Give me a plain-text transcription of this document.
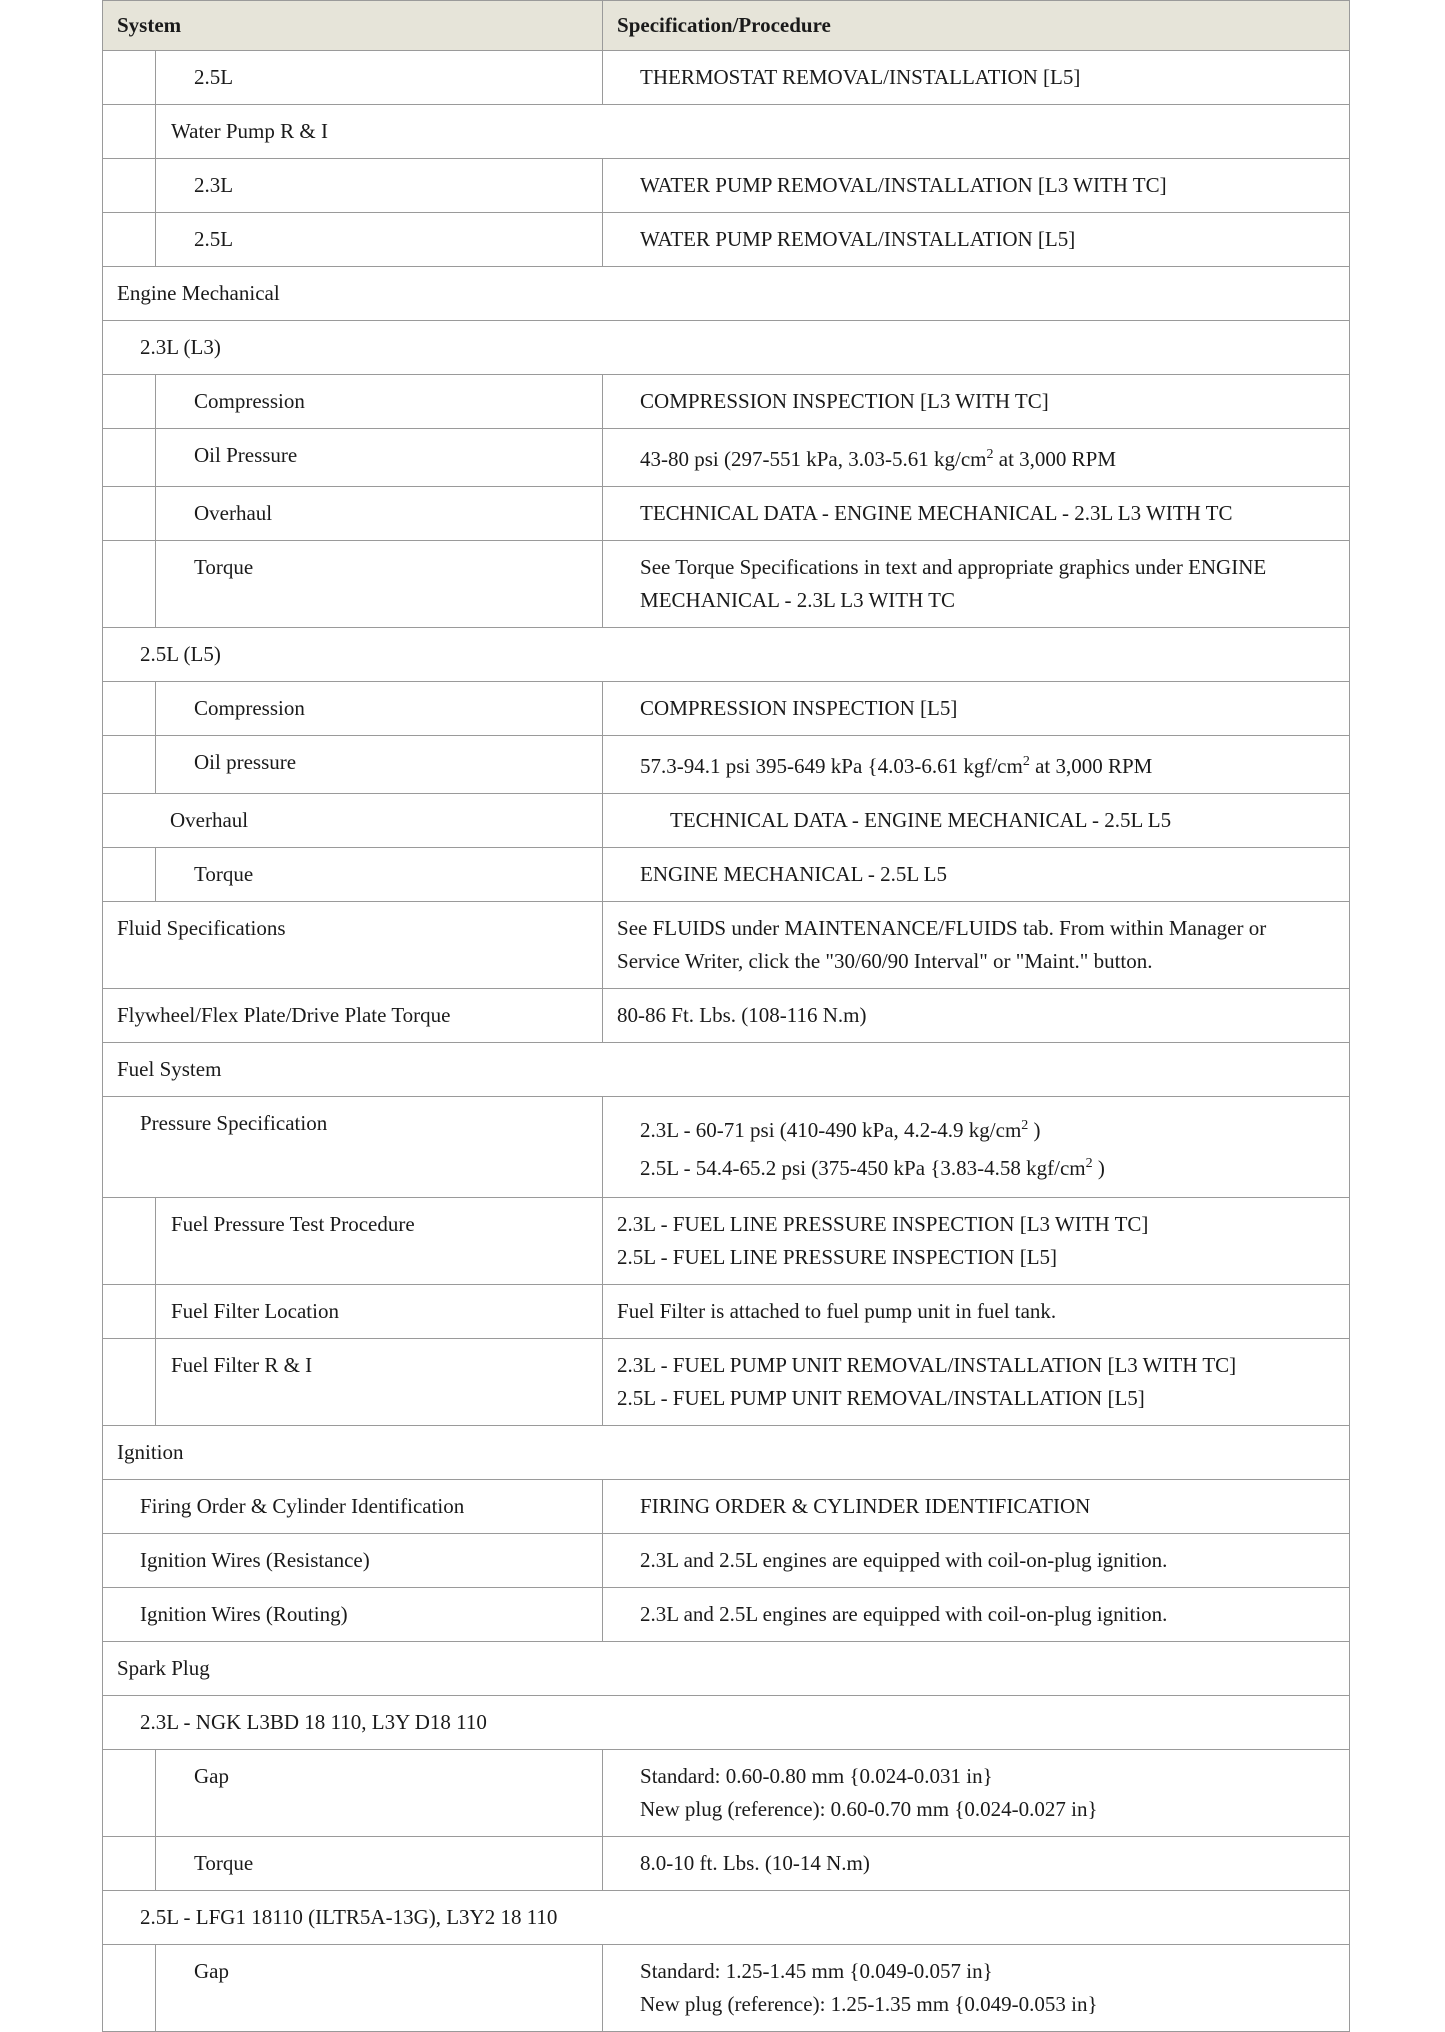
System		Specification/Procedure

	2.5L	THERMOSTAT REMOVAL/INSTALLATION [L5]

	Water Pump R & I	

	2.3L	WATER PUMP REMOVAL/INSTALLATION [L3 WITH TC]

	2.5L	WATER PUMP REMOVAL/INSTALLATION [L5]

Engine Mechanical		

2.3L (L3)		

	Compression	COMPRESSION INSPECTION [L3 WITH TC]

	Oil Pressure	43-80 psi (297-551 kPa, 3.03-5.61 $kg/cm^2$ at 3,000 RPM

	Overhaul	TECHNICAL DATA - ENGINE MECHANICAL - 2.3L L3 WITH TC

	Torque	See Torque Specifications in text and appropriate graphics under ENGINE
MECHANICAL - 2.3L L3 WITH TC

2.5L (L5)		

	Compression	COMPRESSION INSPECTION [L5]

	Oil pressure	57.3-94.1 psi 395-649 kPa {4.03-6.61 kgf/$cm^2$ at 3,000 RPM

Overhaul		TECHNICAL DATA - ENGINE MECHANICAL - 2.5L L5

	Torque	ENGINE MECHANICAL - 2.5L L5

Fluid Specifications		See FLUIDS under MAINTENANCE/FLUIDS tab. From within Manager or
Service Writer, click the "30/60/90 Interval" or "Maint." button.

Flywheel/Flex Plate/Drive Plate Torque		80-86 Ft. Lbs. (108-116 N.m)

Fuel System		

Pressure Specification		2.3L - 60-71 psi (410-490 kPa, 4.2-4.9 $kg/cm^2$ )
2.5L - 54.4-65.2 psi (375-450 kPa {3.83-4.58 kgf/$cm^2$ )

	Fuel Pressure Test Procedure	2.3L - FUEL LINE PRESSURE INSPECTION [L3 WITH TC]
2.5L - FUEL LINE PRESSURE INSPECTION [L5]

	Fuel Filter Location	Fuel Filter is attached to fuel pump unit in fuel tank.

	Fuel Filter R & I	2.3L - FUEL PUMP UNIT REMOVAL/INSTALLATION [L3 WITH TC]
2.5L - FUEL PUMP UNIT REMOVAL/INSTALLATION [L5]

Ignition		

Firing Order & Cylinder Identification		FIRING ORDER & CYLINDER IDENTIFICATION

Ignition Wires (Resistance)		2.3L and 2.5L engines are equipped with coil-on-plug ignition.

Ignition Wires (Routing)		2.3L and 2.5L engines are equipped with coil-on-plug ignition.

Spark Plug		

2.3L - NGK L3BD 18 110, L3Y D18 110		

	Gap	Standard: 0.60-0.80 mm {0.024-0.031 in}
New plug (reference): 0.60-0.70 mm {0.024-0.027 in}

	Torque	8.0-10 ft. Lbs. (10-14 N.m)

2.5L - LFG1 18110 (ILTR5A-13G), L3Y2 18 110		

	Gap	Standard: 1.25-1.45 mm {0.049-0.057 in}
New plug (reference): 1.25-1.35 mm {0.049-0.053 in}
